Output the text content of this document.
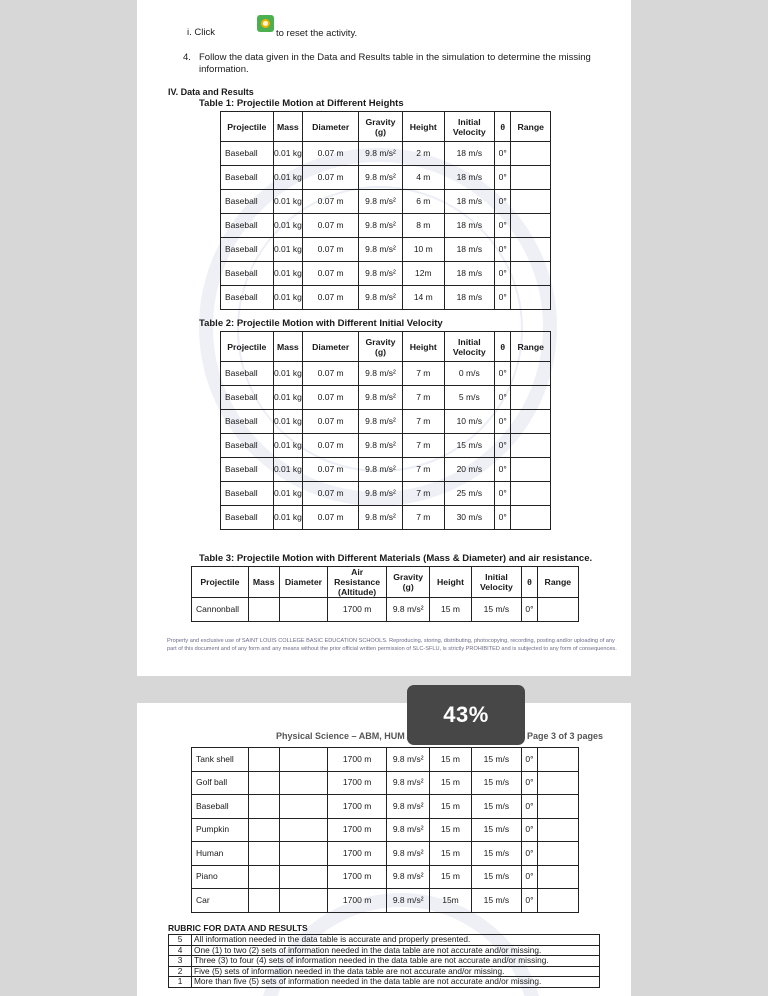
i. Click	to reset the activity.
4. Follow the data given in the Data and Results table in the simulation to determine the missing information.
IV. Data and Results
Table 1: Projectile Motion at Different Heights
Projectile	Mass	Diameter	Gravity (g)	Height	Initial Velocity	θ	Range
Baseball	0.01 kg	0.07 m	9.8 m/s²	2 m	18 m/s	0°	
Baseball	0.01 kg	0.07 m	9.8 m/s²	4 m	18 m/s	0°	
Baseball	0.01 kg	0.07 m	9.8 m/s²	6 m	18 m/s	0°	
Baseball	0.01 kg	0.07 m	9.8 m/s²	8 m	18 m/s	0°	
Baseball	0.01 kg	0.07 m	9.8 m/s²	10 m	18 m/s	0°	
Baseball	0.01 kg	0.07 m	9.8 m/s²	12m	18 m/s	0°	
Baseball	0.01 kg	0.07 m	9.8 m/s²	14 m	18 m/s	0°	
Table 2: Projectile Motion with Different Initial Velocity
Projectile	Mass	Diameter	Gravity (g)	Height	Initial Velocity	θ	Range
Baseball	0.01 kg	0.07 m	9.8 m/s²	7 m	0 m/s	0°	
Baseball	0.01 kg	0.07 m	9.8 m/s²	7 m	5 m/s	0°	
Baseball	0.01 kg	0.07 m	9.8 m/s²	7 m	10 m/s	0°	
Baseball	0.01 kg	0.07 m	9.8 m/s²	7 m	15 m/s	0°	
Baseball	0.01 kg	0.07 m	9.8 m/s²	7 m	20 m/s	0°	
Baseball	0.01 kg	0.07 m	9.8 m/s²	7 m	25 m/s	0°	
Baseball	0.01 kg	0.07 m	9.8 m/s²	7 m	30 m/s	0°	
Table 3: Projectile Motion with Different Materials (Mass & Diameter) and air resistance.
Projectile	Mass	Diameter	Air Resistance (Altitude)	Gravity (g)	Height	Initial Velocity	θ	Range
Cannonball			1700 m	9.8 m/s²	15 m	15 m/s	0°	
Property and exclusive use of SAINT LOUIS COLLEGE BASIC EDUCATION SCHOOLS. Reproducing, storing, distributing, photocopying, recording, posting and/or uploading of any part of this document and of any form and any means without the prior official written permission of SLC-SFLU, is strictly PROHIBITED and is subjected to any form of consequences.
Physical Science – ABM, HUM	Page 3 of 3 pages
Tank shell			1700 m	9.8 m/s²	15 m	15 m/s	0°	
Golf ball			1700 m	9.8 m/s²	15 m	15 m/s	0°	
Baseball			1700 m	9.8 m/s²	15 m	15 m/s	0°	
Pumpkin			1700 m	9.8 m/s²	15 m	15 m/s	0°	
Human			1700 m	9.8 m/s²	15 m	15 m/s	0°	
Piano			1700 m	9.8 m/s²	15 m	15 m/s	0°	
Car			1700 m	9.8 m/s²	15m	15 m/s	0°	
RUBRIC FOR DATA AND RESULTS
5	All information needed in the data table is accurate and properly presented.
4	One (1) to two (2) sets of information needed in the data table are not accurate and/or missing.
3	Three (3) to four (4) sets of information needed in the data table are not accurate and/or missing.
2	Five (5) sets of information needed in the data table are not accurate and/or missing.
1	More than five (5) sets of information needed in the data table are not accurate and/or missing.
43%
